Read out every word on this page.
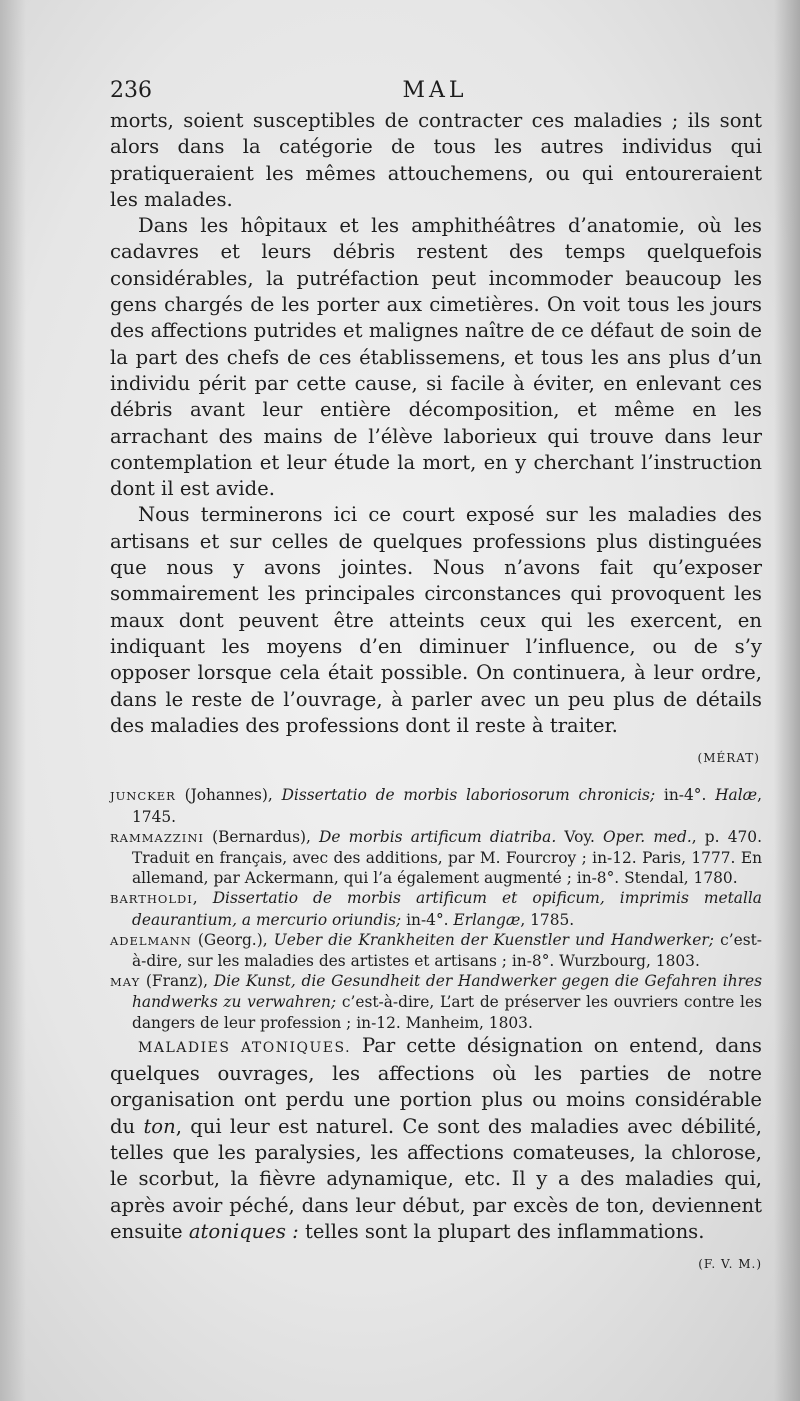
236	MAL

morts, soient susceptibles de contracter ces maladies ; ils sont alors dans la catégorie de tous les autres individus qui pratiqueraient les mêmes attouchemens, ou qui entoureraient les malades.

Dans les hôpitaux et les amphithéâtres d’anatomie, où les cadavres et leurs débris restent des temps quelquefois considérables, la putréfaction peut incommoder beaucoup les gens chargés de les porter aux cimetières. On voit tous les jours des affections putrides et malignes naître de ce défaut de soin de la part des chefs de ces établissemens, et tous les ans plus d’un individu périt par cette cause, si facile à éviter, en enlevant ces débris avant leur entière décomposition, et même en les arrachant des mains de l’élève laborieux qui trouve dans leur contemplation et leur étude la mort, en y cherchant l’instruction dont il est avide.

Nous terminerons ici ce court exposé sur les maladies des artisans et sur celles de quelques professions plus distinguées que nous y avons jointes. Nous n’avons fait qu’exposer sommairement les principales circonstances qui provoquent les maux dont peuvent être atteints ceux qui les exercent, en indiquant les moyens d’en diminuer l’influence, ou de s’y opposer lorsque cela était possible. On continuera, à leur ordre, dans le reste de l’ouvrage, à parler avec un peu plus de détails des maladies des professions dont il reste à traiter.

(MÉRAT)

JUNCKER (Johannes), Dissertatio de morbis laboriosorum chronicis; in-4°. Halæ, 1745.

RAMMAZZINI (Bernardus), De morbis artificum diatriba. Voy. Oper. med., p. 470. Traduit en français, avec des additions, par M. Fourcroy ; in-12. Paris, 1777. En allemand, par Ackermann, qui l’a également augmenté ; in-8°. Stendal, 1780.

BARTHOLDI, Dissertatio de morbis artificum et opificum, imprimis metalla deaurantium, a mercurio oriundis; in-4°. Erlangæ, 1785.

ADELMANN (Georg.), Ueber die Krankheiten der Kuenstler und Handwerker; c’est-à-dire, sur les maladies des artistes et artisans ; in-8°. Wurzbourg, 1803.

MAY (Franz), Die Kunst, die Gesundheit der Handwerker gegen die Gefahren ihres handwerks zu verwahren; c’est-à-dire, L’art de préserver les ouvriers contre les dangers de leur profession ; in-12. Manheim, 1803.

MALADIES ATONIQUES. Par cette désignation on entend, dans quelques ouvrages, les affections où les parties de notre organisation ont perdu une portion plus ou moins considérable du ton, qui leur est naturel. Ce sont des maladies avec débilité, telles que les paralysies, les affections comateuses, la chlorose, le scorbut, la fièvre adynamique, etc. Il y a des maladies qui, après avoir péché, dans leur début, par excès de ton, deviennent ensuite atoniques : telles sont la plupart des inflammations.
(F. V. M.)
